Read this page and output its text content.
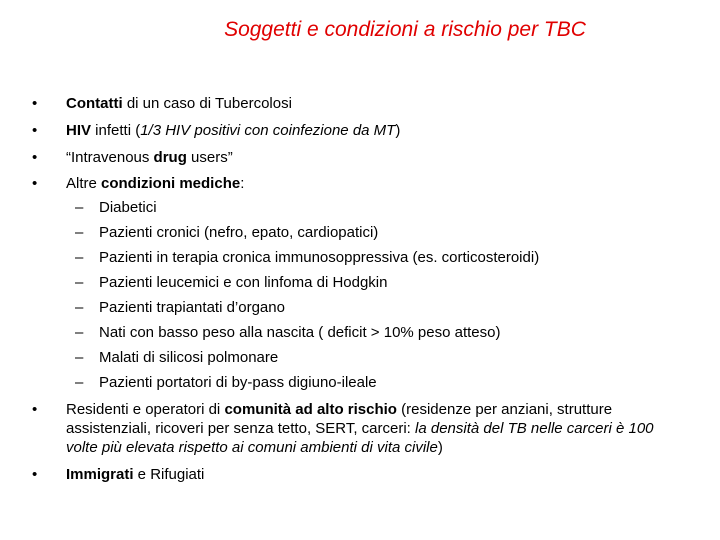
Soggetti e condizioni a rischio per TBC
•	Contatti di un caso di Tubercolosi
•	HIV infetti (1/3 HIV positivi con coinfezione da MT)
•	“Intravenous drug users”
•	Altre condizioni mediche:
– Diabetici
– Pazienti cronici (nefro, epato, cardiopatici)
– Pazienti in terapia cronica immunosoppressiva (es. corticosteroidi)
– Pazienti leucemici e con linfoma di Hodgkin
– Pazienti trapiantati d’organo
– Nati con basso peso alla nascita ( deficit > 10% peso atteso)
– Malati di silicosi polmonare
– Pazienti portatori di by-pass digiuno-ileale
•	Residenti e operatori di comunità ad alto rischio (residenze per anziani, strutture assistenziali, ricoveri per senza tetto, SERT, carceri: la densità del TB nelle carceri è 100 volte più elevata rispetto ai comuni ambienti di vita civile)
•	Immigrati e Rifugiati
